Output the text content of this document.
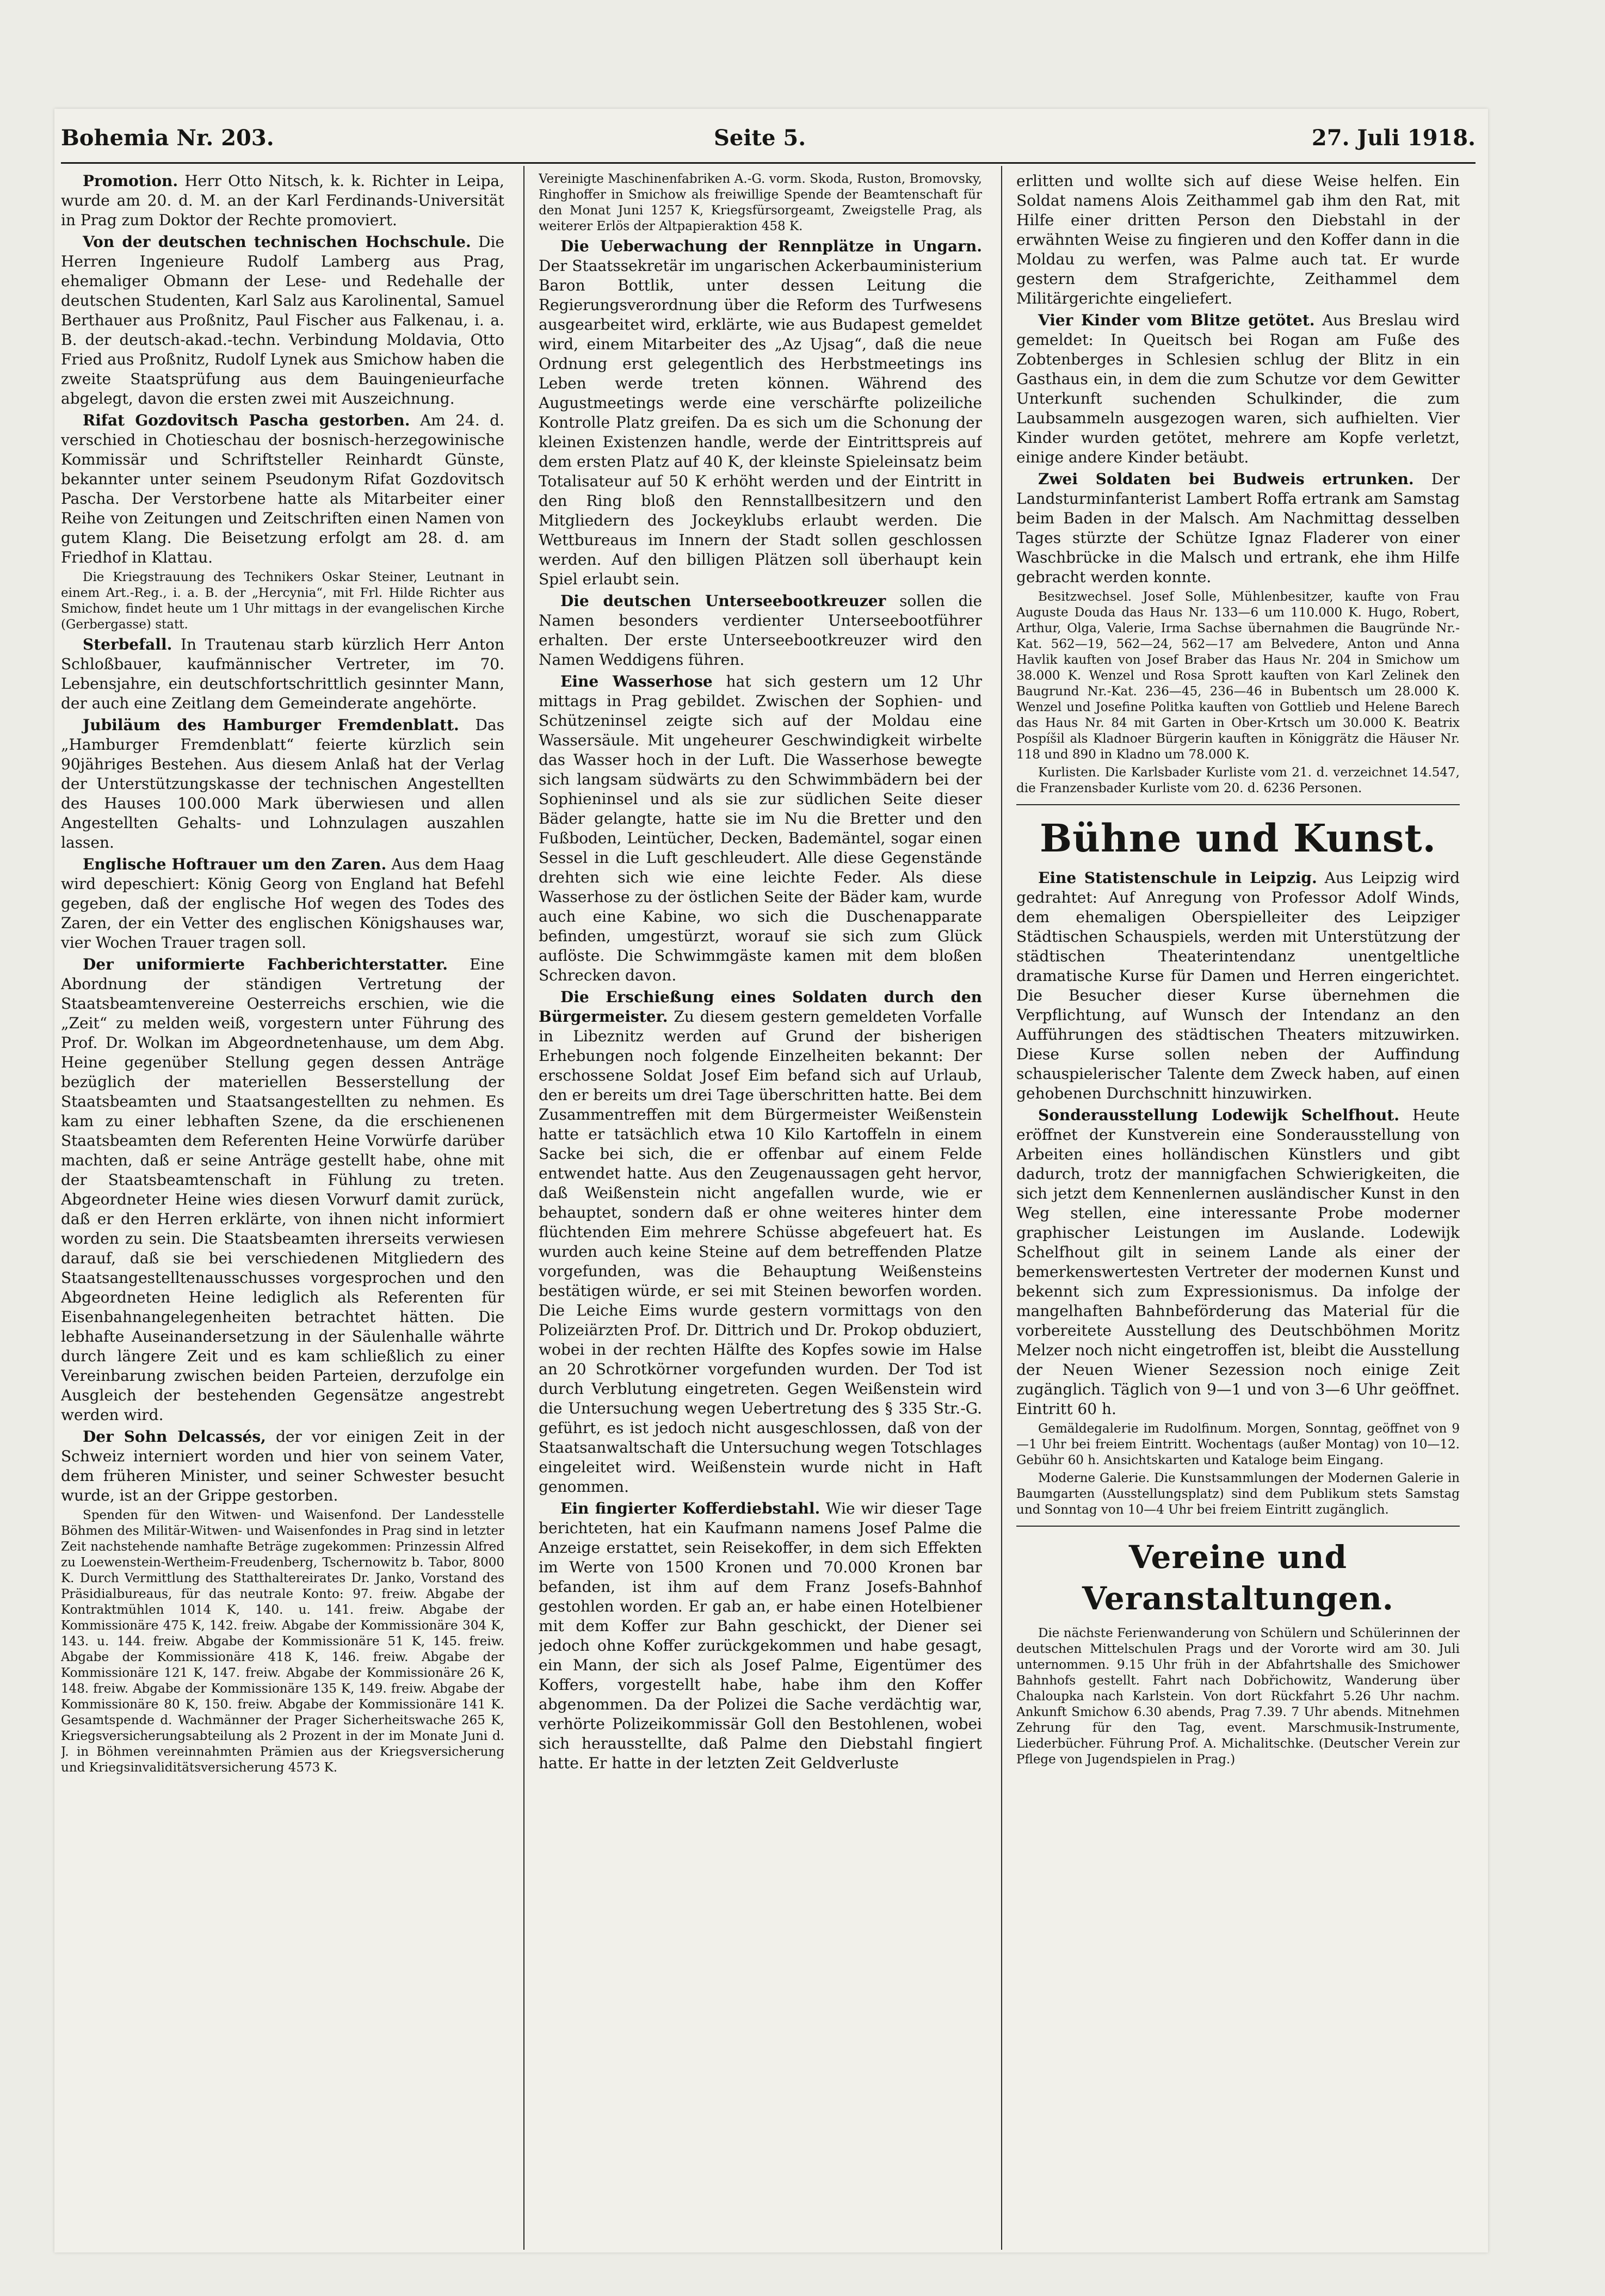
Bohemia Nr. 203.	Seite 5.	27. Juli 1918.

Promotion. Herr Otto Nitsch, k. k. Richter in Leipa, wurde am 20. d. M. an der Karl Ferdinands-Universität in Prag zum Doktor der Rechte promoviert.

Von der deutschen technischen Hochschule. Die Herren Ingenieure Rudolf Lamberg aus Prag, ehemaliger Obmann der Lese- und Redehalle der deutschen Studenten, Karl Salz aus Karolinental, Samuel Berthauer aus Proßnitz, Paul Fischer aus Falkenau, i. a. B. der deutsch-akad.-techn. Verbindung Moldavia, Otto Fried aus Proßnitz, Rudolf Lynek aus Smichow haben die zweite Staatsprüfung aus dem Bauingenieurfache abgelegt, davon die ersten zwei mit Auszeichnung.

Rifat Gozdovitsch Pascha gestorben. Am 24. d. verschied in Chotieschau der bosnisch-herzegowinische Kommissär und Schriftsteller Reinhardt Günste, bekannter unter seinem Pseudonym Rifat Gozdovitsch Pascha. Der Verstorbene hatte als Mitarbeiter einer Reihe von Zeitungen und Zeitschriften einen Namen von gutem Klang. Die Beisetzung erfolgt am 28. d. am Friedhof in Klattau.

Die Kriegstrauung des Technikers Oskar Steiner, Leutnant in einem Art.-Reg., i. a. B. der „Hercynia“, mit Frl. Hilde Richter aus Smichow, findet heute um 1 Uhr mittags in der evangelischen Kirche (Gerbergasse) statt.

Sterbefall. In Trautenau starb kürzlich Herr Anton Schloßbauer, kaufmännischer Vertreter, im 70. Lebensjahre, ein deutschfortschrittlich gesinnter Mann, der auch eine Zeitlang dem Gemeinderate angehörte.

Jubiläum des Hamburger Fremdenblatt. Das „Hamburger Fremdenblatt“ feierte kürzlich sein 90jähriges Bestehen. Aus diesem Anlaß hat der Verlag der Unterstützungskasse der technischen Angestellten des Hauses 100.000 Mark überwiesen und allen Angestellten Gehalts- und Lohnzulagen auszahlen lassen.

Englische Hoftrauer um den Zaren. Aus dem Haag wird depeschiert: König Georg von England hat Befehl gegeben, daß der englische Hof wegen des Todes des Zaren, der ein Vetter des englischen Königshauses war, vier Wochen Trauer tragen soll.

Der uniformierte Fachberichterstatter. Eine Abordnung der ständigen Vertretung der Staatsbeamtenvereine Oesterreichs erschien, wie die „Zeit“ zu melden weiß, vorgestern unter Führung des Prof. Dr. Wolkan im Abgeordnetenhause, um dem Abg. Heine gegenüber Stellung gegen dessen Anträge bezüglich der materiellen Besserstellung der Staatsbeamten und Staatsangestellten zu nehmen. Es kam zu einer lebhaften Szene, da die erschienenen Staatsbeamten dem Referenten Heine Vorwürfe darüber machten, daß er seine Anträge gestellt habe, ohne mit der Staatsbeamtenschaft in Fühlung zu treten. Abgeordneter Heine wies diesen Vorwurf damit zurück, daß er den Herren erklärte, von ihnen nicht informiert worden zu sein. Die Staatsbeamten ihrerseits verwiesen darauf, daß sie bei verschiedenen Mitgliedern des Staatsangestelltenausschusses vorgesprochen und den Abgeordneten Heine lediglich als Referenten für Eisenbahnangelegenheiten betrachtet hätten. Die lebhafte Auseinandersetzung in der Säulenhalle währte durch längere Zeit und es kam schließlich zu einer Vereinbarung zwischen beiden Parteien, derzufolge ein Ausgleich der bestehenden Gegensätze angestrebt werden wird.

Der Sohn Delcassés, der vor einigen Zeit in der Schweiz interniert worden und hier von seinem Vater, dem früheren Minister, und seiner Schwester besucht wurde, ist an der Grippe gestorben.

Spenden für den Witwen- und Waisenfond. Der Landesstelle Böhmen des Militär-Witwen- und Waisenfondes in Prag sind in letzter Zeit nachstehende namhafte Beträge zugekommen: Prinzessin Alfred zu Loewenstein-Wertheim-Freudenberg, Tschernowitz b. Tabor, 8000 K. Durch Vermittlung des Statthaltereirates Dr. Janko, Vorstand des Präsidialbureaus, für das neutrale Konto: 97. freiw. Abgabe der Kontraktmühlen 1014 K, 140. u. 141. freiw. Abgabe der Kommissionäre 475 K, 142. freiw. Abgabe der Kommissionäre 304 K, 143. u. 144. freiw. Abgabe der Kommissionäre 51 K, 145. freiw. Abgabe der Kommissionäre 418 K, 146. freiw. Abgabe der Kommissionäre 121 K, 147. freiw. Abgabe der Kommissionäre 26 K, 148. freiw. Abgabe der Kommissionäre 135 K, 149. freiw. Abgabe der Kommissionäre 80 K, 150. freiw. Abgabe der Kommissionäre 141 K. Gesamtspende d. Wachmänner der Prager Sicherheitswache 265 K, Kriegsversicherungsabteilung als 2 Prozent in der im Monate Juni d. J. in Böhmen vereinnahmten Prämien aus der Kriegsversicherung und Kriegsinvaliditätsversicherung 4573 K.

Vereinigte Maschinenfabriken A.-G. vorm. Skoda, Ruston, Bromovsky, Ringhoffer in Smichow als freiwillige Spende der Beamtenschaft für den Monat Juni 1257 K, Kriegsfürsorgeamt, Zweigstelle Prag, als weiterer Erlös der Altpapieraktion 458 K.

Die Ueberwachung der Rennplätze in Ungarn. Der Staatssekretär im ungarischen Ackerbauministerium Baron Bottlik, unter dessen Leitung die Regierungsverordnung über die Reform des Turfwesens ausgearbeitet wird, erklärte, wie aus Budapest gemeldet wird, einem Mitarbeiter des „Az Ujsag“, daß die neue Ordnung erst gelegentlich des Herbstmeetings ins Leben werde treten können. Während des Augustmeetings werde eine verschärfte polizeiliche Kontrolle Platz greifen. Da es sich um die Schonung der kleinen Existenzen handle, werde der Eintrittspreis auf dem ersten Platz auf 40 K, der kleinste Spieleinsatz beim Totalisateur auf 50 K erhöht werden und der Eintritt in den Ring bloß den Rennstallbesitzern und den Mitgliedern des Jockeyklubs erlaubt werden. Die Wettbureaus im Innern der Stadt sollen geschlossen werden. Auf den billigen Plätzen soll überhaupt kein Spiel erlaubt sein.

Die deutschen Unterseebootkreuzer sollen die Namen besonders verdienter Unterseebootführer erhalten. Der erste Unterseebootkreuzer wird den Namen Weddigens führen.

Eine Wasserhose hat sich gestern um 12 Uhr mittags in Prag gebildet. Zwischen der Sophien- und Schützeninsel zeigte sich auf der Moldau eine Wassersäule. Mit ungeheurer Geschwindigkeit wirbelte das Wasser hoch in der Luft. Die Wasserhose bewegte sich langsam südwärts zu den Schwimmbädern bei der Sophieninsel und als sie zur südlichen Seite dieser Bäder gelangte, hatte sie im Nu die Bretter und den Fußboden, Leintücher, Decken, Bademäntel, sogar einen Sessel in die Luft geschleudert. Alle diese Gegenstände drehten sich wie eine leichte Feder. Als diese Wasserhose zu der östlichen Seite der Bäder kam, wurde auch eine Kabine, wo sich die Duschenapparate befinden, umgestürzt, worauf sie sich zum Glück auflöste. Die Schwimmgäste kamen mit dem bloßen Schrecken davon.

Die Erschießung eines Soldaten durch den Bürgermeister. Zu diesem gestern gemeldeten Vorfalle in Libeznitz werden auf Grund der bisherigen Erhebungen noch folgende Einzelheiten bekannt: Der erschossene Soldat Josef Eim befand sich auf Urlaub, den er bereits um drei Tage überschritten hatte. Bei dem Zusammentreffen mit dem Bürgermeister Weißenstein hatte er tatsächlich etwa 10 Kilo Kartoffeln in einem Sacke bei sich, die er offenbar auf einem Felde entwendet hatte. Aus den Zeugenaussagen geht hervor, daß Weißenstein nicht angefallen wurde, wie er behauptet, sondern daß er ohne weiteres hinter dem flüchtenden Eim mehrere Schüsse abgefeuert hat. Es wurden auch keine Steine auf dem betreffenden Platze vorgefunden, was die Behauptung Weißensteins bestätigen würde, er sei mit Steinen beworfen worden. Die Leiche Eims wurde gestern vormittags von den Polizeiärzten Prof. Dr. Dittrich und Dr. Prokop obduziert, wobei in der rechten Hälfte des Kopfes sowie im Halse an 20 Schrotkörner vorgefunden wurden. Der Tod ist durch Verblutung eingetreten. Gegen Weißenstein wird die Untersuchung wegen Uebertretung des § 335 Str.-G. geführt, es ist jedoch nicht ausgeschlossen, daß von der Staatsanwaltschaft die Untersuchung wegen Totschlages eingeleitet wird. Weißenstein wurde nicht in Haft genommen.

Ein fingierter Kofferdiebstahl. Wie wir dieser Tage berichteten, hat ein Kaufmann namens Josef Palme die Anzeige erstattet, sein Reisekoffer, in dem sich Effekten im Werte von 1500 Kronen und 70.000 Kronen bar befanden, ist ihm auf dem Franz Josefs-Bahnhof gestohlen worden. Er gab an, er habe einen Hotelbiener mit dem Koffer zur Bahn geschickt, der Diener sei jedoch ohne Koffer zurückgekommen und habe gesagt, ein Mann, der sich als Josef Palme, Eigentümer des Koffers, vorgestellt habe, habe ihm den Koffer abgenommen. Da der Polizei die Sache verdächtig war, verhörte Polizeikommissär Goll den Bestohlenen, wobei sich herausstellte, daß Palme den Diebstahl fingiert hatte. Er hatte in der letzten Zeit Geldverluste

erlitten und wollte sich auf diese Weise helfen. Ein Soldat namens Alois Zeithammel gab ihm den Rat, mit Hilfe einer dritten Person den Diebstahl in der erwähnten Weise zu fingieren und den Koffer dann in die Moldau zu werfen, was Palme auch tat. Er wurde gestern dem Strafgerichte, Zeithammel dem Militärgerichte eingeliefert.

Vier Kinder vom Blitze getötet. Aus Breslau wird gemeldet: In Queitsch bei Rogan am Fuße des Zobtenberges in Schlesien schlug der Blitz in ein Gasthaus ein, in dem die zum Schutze vor dem Gewitter Unterkunft suchenden Schulkinder, die zum Laubsammeln ausgezogen waren, sich aufhielten. Vier Kinder wurden getötet, mehrere am Kopfe verletzt, einige andere Kinder betäubt.

Zwei Soldaten bei Budweis ertrunken. Der Landsturminfanterist Lambert Roffa ertrank am Samstag beim Baden in der Malsch. Am Nachmittag desselben Tages stürzte der Schütze Ignaz Fladerer von einer Waschbrücke in die Malsch und ertrank, ehe ihm Hilfe gebracht werden konnte.

Besitzwechsel. Josef Solle, Mühlenbesitzer, kaufte von Frau Auguste Douda das Haus Nr. 133—6 um 110.000 K. Hugo, Robert, Arthur, Olga, Valerie, Irma Sachse übernahmen die Baugründe Nr.-Kat. 562—19, 562—24, 562—17 am Belvedere, Anton und Anna Havlik kauften von Josef Braber das Haus Nr. 204 in Smichow um 38.000 K. Wenzel und Rosa Sprott kauften von Karl Zelinek den Baugrund Nr.-Kat. 236—45, 236—46 in Bubentsch um 28.000 K. Wenzel und Josefine Politka kauften von Gottlieb und Helene Barech das Haus Nr. 84 mit Garten in Ober-Krtsch um 30.000 K. Beatrix Pospíšil als Kladnoer Bürgerin kauften in Königgrätz die Häuser Nr. 118 und 890 in Kladno um 78.000 K.

Kurlisten. Die Karlsbader Kurliste vom 21. d. verzeichnet 14.547, die Franzensbader Kurliste vom 20. d. 6236 Personen.

Bühne und Kunst.

Eine Statistenschule in Leipzig. Aus Leipzig wird gedrahtet: Auf Anregung von Professor Adolf Winds, dem ehemaligen Oberspielleiter des Leipziger Städtischen Schauspiels, werden mit Unterstützung der städtischen Theaterintendanz unentgeltliche dramatische Kurse für Damen und Herren eingerichtet. Die Besucher dieser Kurse übernehmen die Verpflichtung, auf Wunsch der Intendanz an den Aufführungen des städtischen Theaters mitzuwirken. Diese Kurse sollen neben der Auffindung schauspielerischer Talente dem Zweck haben, auf einen gehobenen Durchschnitt hinzuwirken.

Sonderausstellung Lodewijk Schelfhout. Heute eröffnet der Kunstverein eine Sonderausstellung von Arbeiten eines holländischen Künstlers und gibt dadurch, trotz der mannigfachen Schwierigkeiten, die sich jetzt dem Kennenlernen ausländischer Kunst in den Weg stellen, eine interessante Probe moderner graphischer Leistungen im Auslande. Lodewijk Schelfhout gilt in seinem Lande als einer der bemerkenswertesten Vertreter der modernen Kunst und bekennt sich zum Expressionismus. Da infolge der mangelhaften Bahnbeförderung das Material für die vorbereitete Ausstellung des Deutschböhmen Moritz Melzer noch nicht eingetroffen ist, bleibt die Ausstellung der Neuen Wiener Sezession noch einige Zeit zugänglich. Täglich von 9—1 und von 3—6 Uhr geöffnet. Eintritt 60 h.

Gemäldegalerie im Rudolfinum. Morgen, Sonntag, geöffnet von 9—1 Uhr bei freiem Eintritt. Wochentags (außer Montag) von 10—12. Gebühr 60 h. Ansichtskarten und Kataloge beim Eingang.

Moderne Galerie. Die Kunstsammlungen der Modernen Galerie in Baumgarten (Ausstellungsplatz) sind dem Publikum stets Samstag und Sonntag von 10—4 Uhr bei freiem Eintritt zugänglich.

Vereine und Veranstaltungen.

Die nächste Ferienwanderung von Schülern und Schülerinnen der deutschen Mittelschulen Prags und der Vororte wird am 30. Juli unternommen. 9.15 Uhr früh in der Abfahrtshalle des Smichower Bahnhofs gestellt. Fahrt nach Dobřichowitz, Wanderung über Chaloupka nach Karlstein. Von dort Rückfahrt 5.26 Uhr nachm. Ankunft Smichow 6.30 abends, Prag 7.39. 7 Uhr abends. Mitnehmen Zehrung für den Tag, event. Marschmusik-Instrumente, Liederbücher. Führung Prof. A. Michalitschke. (Deutscher Verein zur Pflege von Jugendspielen in Prag.)
